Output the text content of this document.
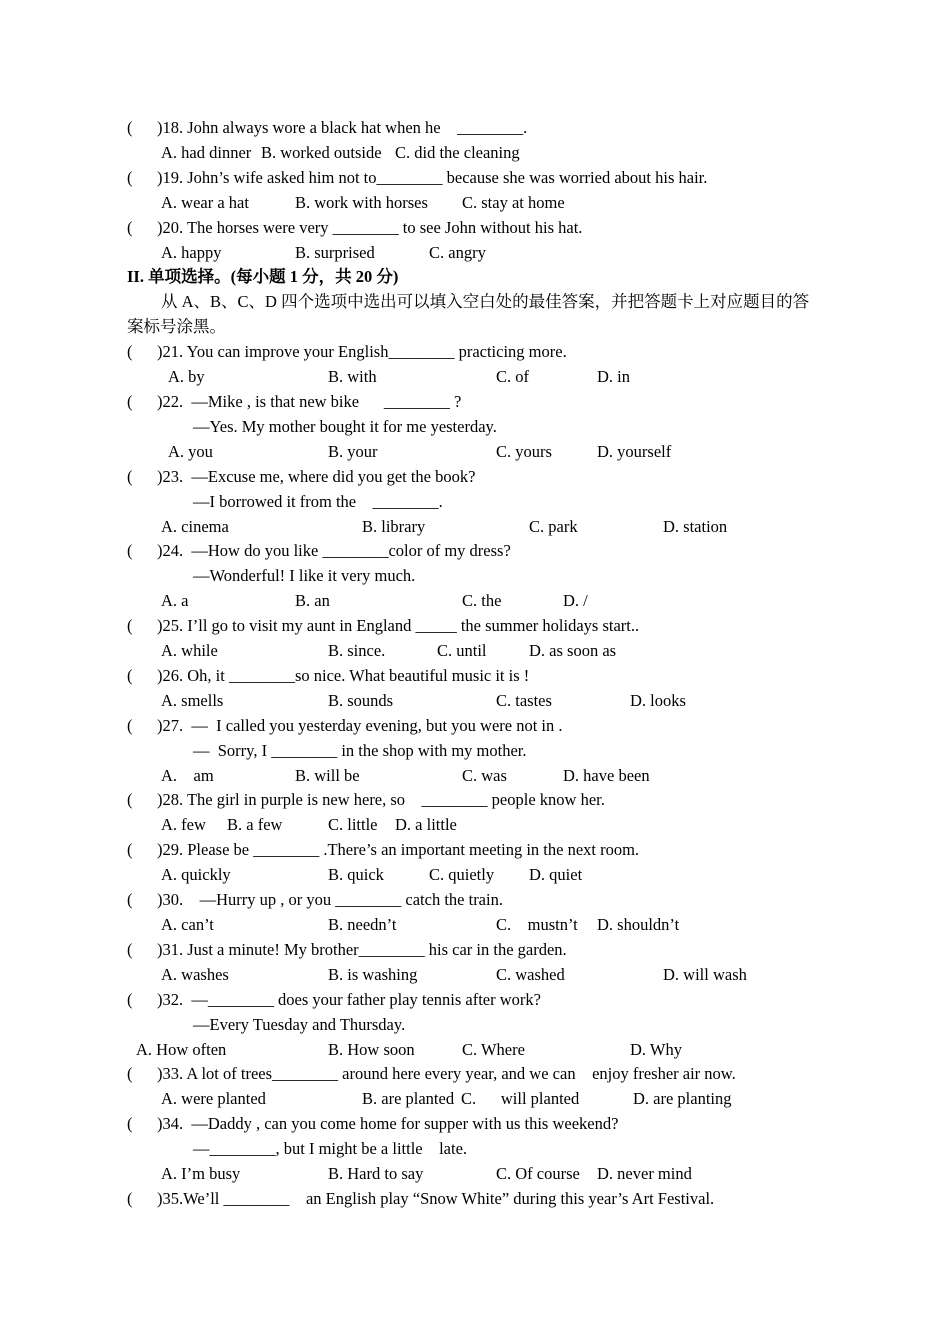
( )18. John always wore a black hat when he    ________.
A. had dinner B. worked outside C. did the cleaning
( )19. John’s wife asked him not to________ because she was worried about his hair.
A. wear a hat	B. work with horses C. stay at home
( )20. The horses were very ________ to see John without his hat.
A. happy	B. surprised	C. angry
II. 单项选择。(每小题 1 分，共 20 分)
从 A、B、C、D 四个选项中选出可以填入空白处的最佳答案，并把答题卡上对应题目的答
案标号涂黑。
( )21. You can improve your English________ practicing more.
A. by	B. with	C. of	D. in
( )22.  —Mike , is that new bike      ________ ?
—Yes. My mother bought it for me yesterday.
A. you	B. your	C. yours	D. yourself
( )23.  —Excuse me, where did you get the book?
—I borrowed it from the    ________.
A. cinema	B. library	C. park	D. station
( )24.  —How do you like ________color of my dress?
—Wonderful! I like it very much.
A. a	B. an	C. the	D. /
( )25. I’ll go to visit my aunt in England _____ the summer holidays start..
A. while	B. since.	C. until	D. as soon as
( )26. Oh, it ________so nice. What beautiful music it is !
A. smells	B. sounds	C. tastes	D. looks
( )27.  —  I called you yesterday evening, but you were not in .
—  Sorry, I ________ in the shop with my mother.
A.    am	B. will be	C. was	D. have been
( )28. The girl in purple is new here, so    ________ people know her.
A. few B. a few	C. little D. a little
( )29. Please be ________ .There’s an important meeting in the next room.
A. quickly	B. quick	C. quietly D. quiet
( )30.    —Hurry up , or you ________ catch the train.
A. can’t	B. needn’t	C.    mustn’t D. shouldn’t
( )31. Just a minute! My brother________ his car in the garden.
A. washes	B. is washing	C. washed	D. will wash
( )32.  —________ does your father play tennis after work?
—Every Tuesday and Thursday.
A. How often	B. How soon	C. Where	D. Why
( )33. A lot of trees________ around here every year, and we can    enjoy fresher air now.
A. were planted	B. are planted C.      will planted	D. are planting
( )34.  —Daddy , can you come home for supper with us this weekend?
—________, but I might be a little    late.
A. I’m busy	B. Hard to say	C. Of course D. never mind
( )35.We’ll ________    an English play “Snow White” during this year’s Art Festival.
